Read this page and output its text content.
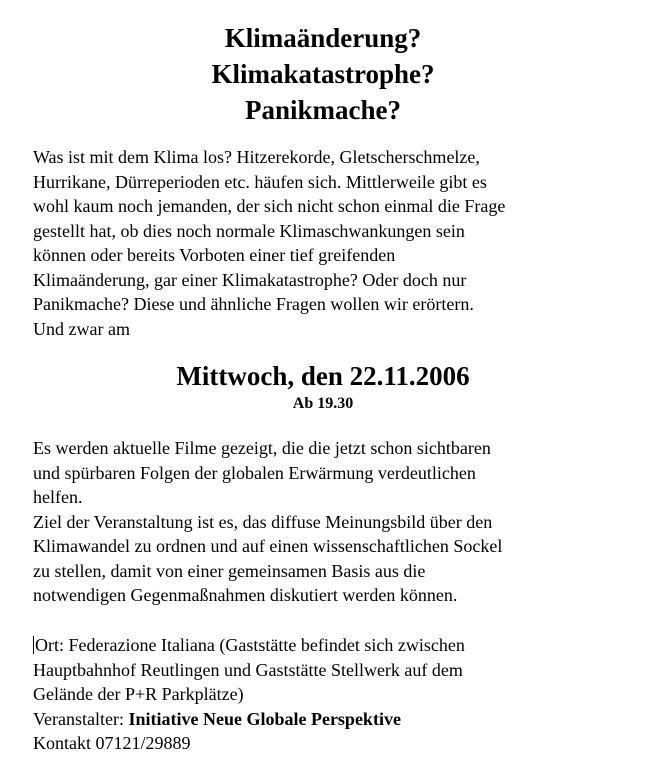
Klimaänderung?

Klimakatastrophe?

Panikmache?

Was ist mit dem Klima los? Hitzerekorde, Gletscherschmelze,
Hurrikane, Dürreperioden etc. häufen sich. Mittlerweile gibt es
wohl kaum noch jemanden, der sich nicht schon einmal die Frage
gestellt hat, ob dies noch normale Klimaschwankungen sein
können oder bereits Vorboten einer tief greifenden
Klimaänderung, gar einer Klimakatastrophe? Oder doch nur
Panikmache? Diese und ähnliche Fragen wollen wir erörtern.
Und zwar am

Mittwoch, den 22.11.2006

Ab 19.30

Es werden aktuelle Filme gezeigt, die die jetzt schon sichtbaren
und spürbaren Folgen der globalen Erwärmung verdeutlichen
helfen.

Ziel der Veranstaltung ist es, das diffuse Meinungsbild über den
Klimawandel zu ordnen und auf einen wissenschaftlichen Sockel
zu stellen, damit von einer gemeinsamen Basis aus die
notwendigen Gegenmaßnahmen diskutiert werden können.

Ort: Federazione Italiana (Gaststätte befindet sich zwischen
Hauptbahnhof Reutlingen und Gaststätte Stellwerk auf dem
Gelände der P+R Parkplätze)

Veranstalter: Initiative Neue Globale Perspektive

Kontakt 07121/29889
